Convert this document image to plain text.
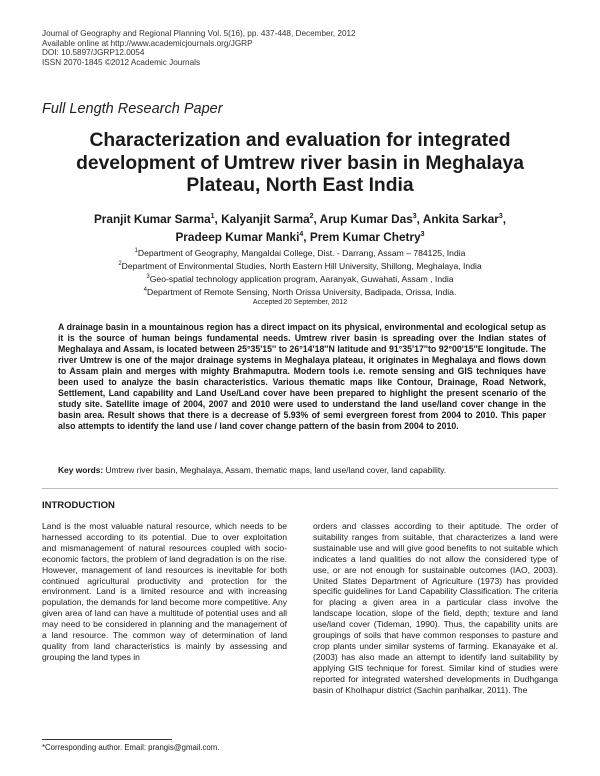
Journal of Geography and Regional Planning Vol. 5(16), pp. 437-448, December, 2012
Available online at http://www.academicjournals.org/JGRP
DOI: 10.5897/JGRP12.0054
ISSN 2070-1845 ©2012 Academic Journals
Full Length Research Paper
Characterization and evaluation for integrated development of Umtrew river basin in Meghalaya Plateau, North East India
Pranjit Kumar Sarma$^1$, Kalyanjit Sarma$^2$, Arup Kumar Das$^3$, Ankita Sarkar$^3$,
Pradeep Kumar Manki$^4$, Prem Kumar Chetry$^3$
$^1$Department of Geography, Mangaldai College, Dist. - Darrang, Assam – 784125, India
$^2$Department of Environmental Studies, North Eastern Hill University, Shillong, Meghalaya, India
$^3$Geo-spatial technology application program, Aaranyak, Guwahati, Assam , India
$^4$Department of Remote Sensing, North Orissa University, Badipada, Orissa, India.
Accepted 20 September, 2012
A drainage basin in a mountainous region has a direct impact on its physical, environmental and ecological setup as it is the source of human beings fundamental needs. Umtrew river basin is spreading over the Indian states of Meghalaya and Assam, is located between 25°35'15'' to 26°14'18''N latitude and 91°35'17''to 92°00'15''E longitude. The river Umtrew is one of the major drainage systems in Meghalaya plateau, it originates in Meghalaya and flows down to Assam plain and merges with mighty Brahmaputra. Modern tools i.e. remote sensing and GIS techniques have been used to analyze the basin characteristics. Various thematic maps like Contour, Drainage, Road Network, Settlement, Land capability and Land Use/Land cover have been prepared to highlight the present scenario of the study site. Satellite image of 2004, 2007 and 2010 were used to understand the land use/land cover change in the basin area. Result shows that there is a decrease of 5.93% of semi evergreen forest from 2004 to 2010. This paper also attempts to identify the land use / land cover change pattern of the basin from 2004 to 2010.
Key words: Umtrew river basin, Meghalaya, Assam, thematic maps, land use/land cover, land capability.
INTRODUCTION
Land is the most valuable natural resource, which needs to be harnessed according to its potential. Due to over exploitation and mismanagement of natural resources coupled with socio-economic factors, the problem of land degradation is on the rise. However, management of land resources is inevitable for both continued agricultural productivity and protection for the environment. Land is a limited resource and with increasing population, the demands for land become more competitive. Any given area of land can have a multitude of potential uses and all may need to be considered in planning and the management of a land resource. The common way of determination of land quality from land characteristics is mainly by assessing and grouping the land types in
orders and classes according to their aptitude. The order of suitability ranges from suitable, that characterizes a land were sustainable use and will give good benefits to not suitable which indicates a land qualities do not allow the considered type of use, or are not enough for sustainable outcomes (IAO, 2003). United States Department of Agriculture (1973) has provided specific guidelines for Land Capability Classification. The criteria for placing a given area in a particular class involve the landscape location, slope of the field, depth; texture and land use/land cover (Tideman, 1990). Thus, the capability units are groupings of soils that have common responses to pasture and crop plants under similar systems of farming. Ekanayake et al. (2003) has also made an attempt to identify land suitability by applying GIS technique for forest. Similar kind of studies were reported for integrated watershed developments in Dudhganga basin of Kholhapur district (Sachin panhalkar, 2011). The
*Corresponding author. Email: prangis@gmail.com.
